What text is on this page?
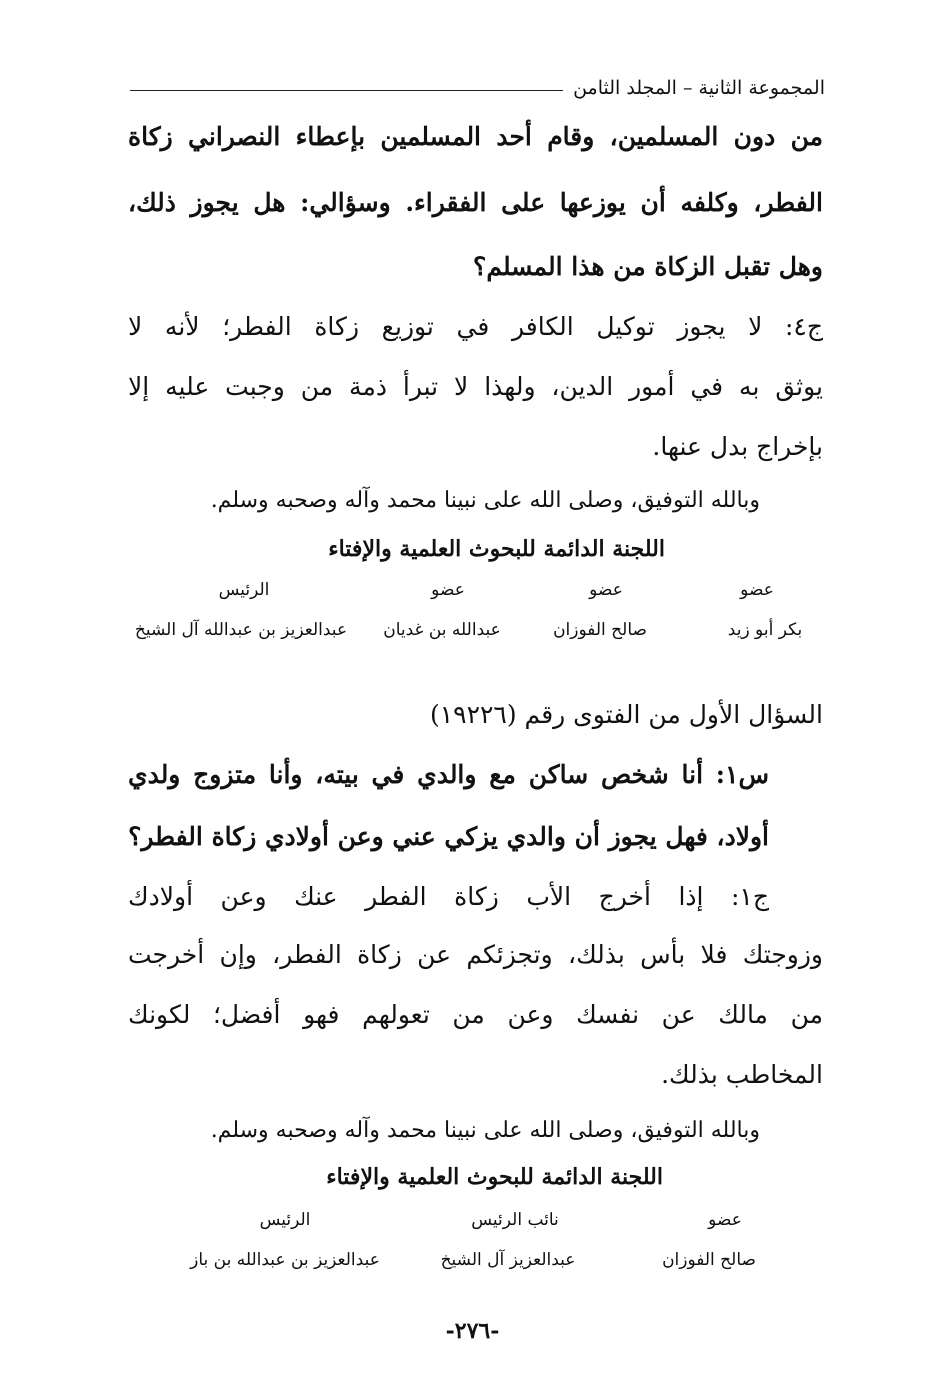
المجموعة الثانية – المجلد الثامن
من دون المسلمين، وقام أحد المسلمين بإعطاء النصراني زكاة
الفطر، وكلفه أن يوزعها على الفقراء. وسؤالي: هل يجوز ذلك،
وهل تقبل الزكاة من هذا المسلم؟
ج٤: لا يجوز توكيل الكافر في توزيع زكاة الفطر؛ لأنه لا
يوثق به في أمور الدين، ولهذا لا تبرأ ذمة من وجبت عليه إلا
بإخراج بدل عنها.
وبالله التوفيق، وصلى الله على نبينا محمد وآله وصحبه وسلم.
اللجنة الدائمة للبحوث العلمية والإفتاء
عضو
عضو
عضو
الرئيس
بكر أبو زيد
صالح الفوزان
عبدالله بن غديان
عبدالعزيز بن عبدالله آل الشيخ
السؤال الأول من الفتوى رقم (١٩٢٢٦)
س١: أنا شخص ساكن مع والدي في بيته، وأنا متزوج ولدي
أولاد، فهل يجوز أن والدي يزكي عني وعن أولادي زكاة الفطر؟
ج١: إذا أخرج الأب زكاة الفطر عنك وعن أولادك
وزوجتك فلا بأس بذلك، وتجزئكم عن زكاة الفطر، وإن أخرجت
من مالك عن نفسك وعن من تعولهم فهو أفضل؛ لكونك
المخاطب بذلك.
وبالله التوفيق، وصلى الله على نبينا محمد وآله وصحبه وسلم.
اللجنة الدائمة للبحوث العلمية والإفتاء
عضو
نائب الرئيس
الرئيس
صالح الفوزان
عبدالعزيز آل الشيخ
عبدالعزيز بن عبدالله بن باز
-٢٧٦-
